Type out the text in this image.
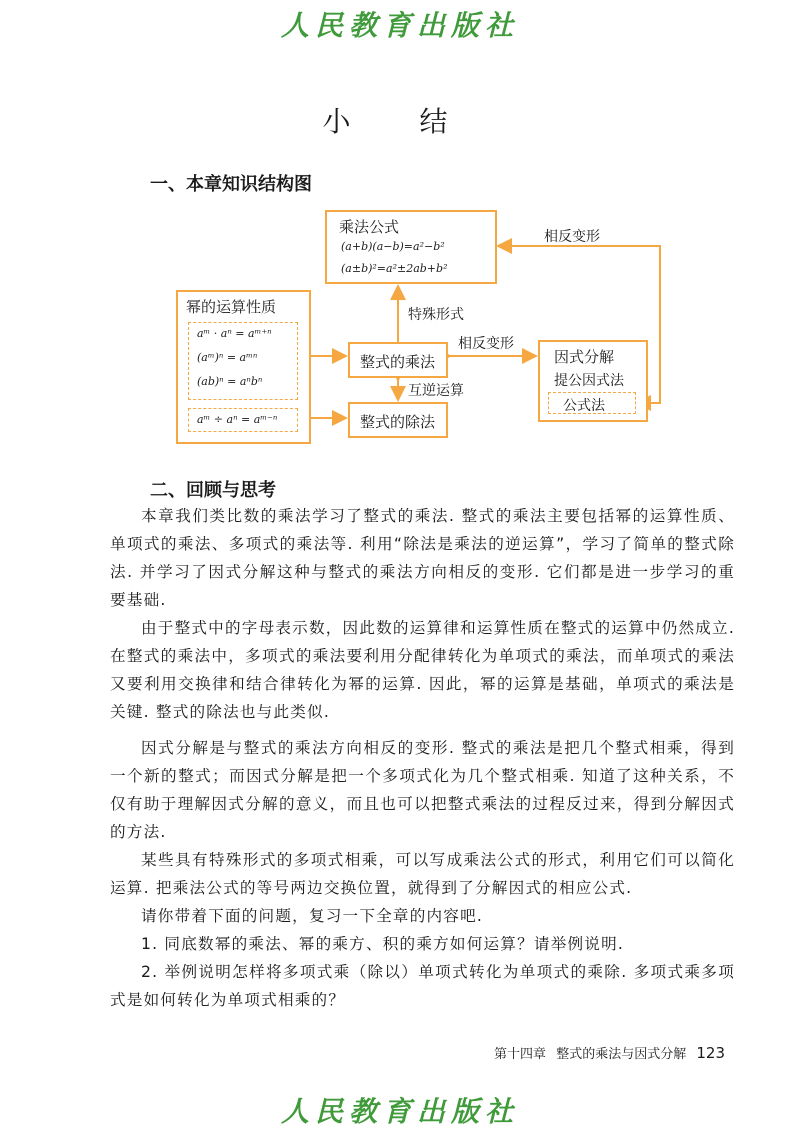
人民教育出版社
小 结
一、本章知识结构图
乘法公式
(a+b)(a−b)=a²−b²
(a±b)²=a²±2ab+b²
幂的运算性质
aᵐ · aⁿ = aᵐ⁺ⁿ
(aᵐ)ⁿ = aᵐⁿ
(ab)ⁿ = aⁿbⁿ
aᵐ ÷ aⁿ = aᵐ⁻ⁿ
整式的乘法
整式的除法
因式分解
提公因式法
公式法
相反变形
特殊形式
相反变形
互逆运算
二、回顾与思考
本章我们类比数的乘法学习了整式的乘法. 整式的乘法主要包括幂的运算性质、单项式的乘法、多项式的乘法等. 利用“除法是乘法的逆运算”，学习了简单的整式除法. 并学习了因式分解这种与整式的乘法方向相反的变形. 它们都是进一步学习的重要基础.
由于整式中的字母表示数，因此数的运算律和运算性质在整式的运算中仍然成立. 在整式的乘法中，多项式的乘法要利用分配律转化为单项式的乘法，而单项式的乘法又要利用交换律和结合律转化为幂的运算. 因此，幂的运算是基础，单项式的乘法是关键. 整式的除法也与此类似.
因式分解是与整式的乘法方向相反的变形. 整式的乘法是把几个整式相乘，得到一个新的整式；而因式分解是把一个多项式化为几个整式相乘. 知道了这种关系，不仅有助于理解因式分解的意义，而且也可以把整式乘法的过程反过来，得到分解因式的方法.
某些具有特殊形式的多项式相乘，可以写成乘法公式的形式，利用它们可以简化运算. 把乘法公式的等号两边交换位置，就得到了分解因式的相应公式.
请你带着下面的问题，复习一下全章的内容吧.
1. 同底数幂的乘法、幂的乘方、积的乘方如何运算？请举例说明.
2. 举例说明怎样将多项式乘（除以）单项式转化为单项式的乘除. 多项式乘多项式是如何转化为单项式相乘的？
第十四章 整式的乘法与因式分解 123
人民教育出版社
